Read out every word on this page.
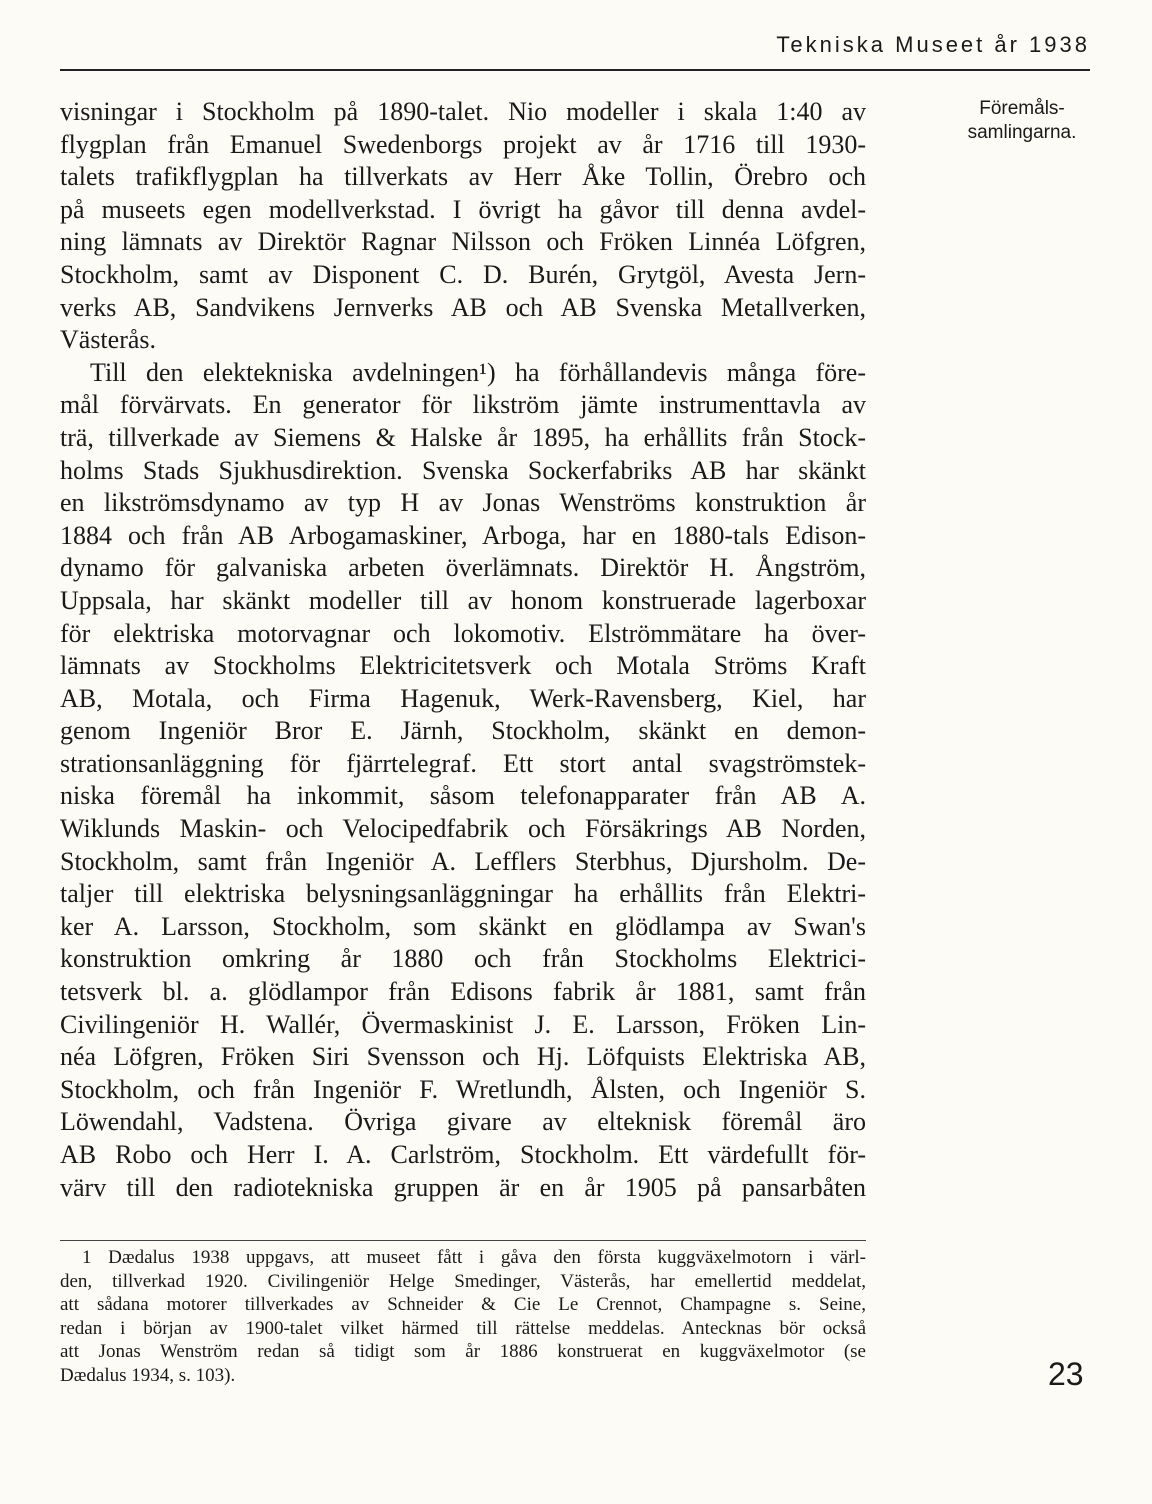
Tekniska Museet år 1938
Föremåls-
samlingarna.
visningar i Stockholm på 1890-talet. Nio modeller i skala 1:40 av
flygplan från Emanuel Swedenborgs projekt av år 1716 till 1930-
talets trafikflygplan ha tillverkats av Herr Åke Tollin, Örebro och
på museets egen modellverkstad. I övrigt ha gåvor till denna avdel-
ning lämnats av Direktör Ragnar Nilsson och Fröken Linnéa Löfgren,
Stockholm, samt av Disponent C. D. Burén, Grytgöl, Avesta Jern-
verks AB, Sandvikens Jernverks AB och AB Svenska Metallverken,
Västerås.
Till den elektekniska avdelningen¹) ha förhållandevis många före-
mål förvärvats. En generator för likström jämte instrumenttavla av
trä, tillverkade av Siemens & Halske år 1895, ha erhållits från Stock-
holms Stads Sjukhusdirektion. Svenska Sockerfabriks AB har skänkt
en likströmsdynamo av typ H av Jonas Wenströms konstruktion år
1884 och från AB Arbogamaskiner, Arboga, har en 1880-tals Edison-
dynamo för galvaniska arbeten överlämnats. Direktör H. Ångström,
Uppsala, har skänkt modeller till av honom konstruerade lagerboxar
för elektriska motorvagnar och lokomotiv. Elströmmätare ha över-
lämnats av Stockholms Elektricitetsverk och Motala Ströms Kraft
AB, Motala, och Firma Hagenuk, Werk-Ravensberg, Kiel, har
genom Ingeniör Bror E. Järnh, Stockholm, skänkt en demon-
strationsanläggning för fjärrtelegraf. Ett stort antal svagströmstek-
niska föremål ha inkommit, såsom telefonapparater från AB A.
Wiklunds Maskin- och Velocipedfabrik och Försäkrings AB Norden,
Stockholm, samt från Ingeniör A. Lefflers Sterbhus, Djursholm. De-
taljer till elektriska belysningsanläggningar ha erhållits från Elektri-
ker A. Larsson, Stockholm, som skänkt en glödlampa av Swan's
konstruktion omkring år 1880 och från Stockholms Elektrici-
tetsverk bl. a. glödlampor från Edisons fabrik år 1881, samt från
Civilingeniör H. Wallér, Övermaskinist J. E. Larsson, Fröken Lin-
néa Löfgren, Fröken Siri Svensson och Hj. Löfquists Elektriska AB,
Stockholm, och från Ingeniör F. Wretlundh, Ålsten, och Ingeniör S.
Löwendahl, Vadstena. Övriga givare av elteknisk föremål äro
AB Robo och Herr I. A. Carlström, Stockholm. Ett värdefullt för-
värv till den radiotekniska gruppen är en år 1905 på pansarbåten
1 Dædalus 1938 uppgavs, att museet fått i gåva den första kuggväxelmotorn i värl-
den, tillverkad 1920. Civilingeniör Helge Smedinger, Västerås, har emellertid meddelat,
att sådana motorer tillverkades av Schneider & Cie Le Crennot, Champagne s. Seine,
redan i början av 1900-talet vilket härmed till rättelse meddelas. Antecknas bör också
att Jonas Wenström redan så tidigt som år 1886 konstruerat en kuggväxelmotor (se
Dædalus 1934, s. 103).	23
